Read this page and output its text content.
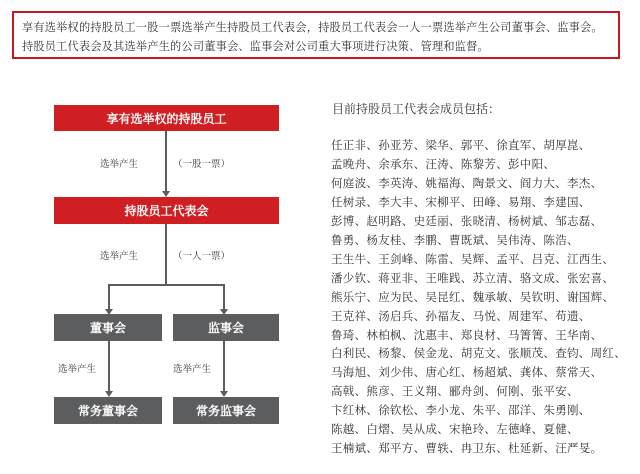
享有选举权的持股员工一股一票选举产生持股员工代表会，持股员工代表会一人一票选举产生公司董事会、监事会。
持股员工代表会及其选举产生的公司董事会、监事会对公司重大事项进行决策、管理和监督。
享有选举权的持股员工
选举产生	（一股一票）
持股员工代表会
选举产生	（一人一票）
董事会	监事会
选举产生	选举产生
常务董事会	常务监事会
目前持股员工代表会成员包括：
任正非、孙亚芳、梁华、郭平、徐直军、胡厚崑、
孟晚舟、余承东、汪涛、陈黎芳、彭中阳、
何庭波、李英涛、姚福海、陶景文、阎力大、李杰、
任树录、李大丰、宋柳平、田峰、易翔、李建国、
彭博、赵明路、史廷丽、张晓清、杨树斌、邹志磊、
鲁勇、杨友桂、李鹏、曹既斌、吴伟涛、陈浩、
王生牛、王剑峰、陈雷、吴辉、孟平、吕克、江西生、
潘少钦、蒋亚非、王唯践、苏立清、骆文成、张宏喜、
熊乐宁、应为民、吴昆红、魏承敏、吴钦明、谢国辉、
王克祥、汤启兵、孙福友、马悦、周建军、苟遗、
鲁琦、林柏枫、沈惠丰、郑良材、马箐箐、王华南、
白利民、杨黎、侯金龙、胡克文、张顺茂、查钧、周红、
马海旭、刘少伟、唐心红、杨超斌、龚体、蔡常天、
高戟、熊彦、王义翔、郦舟剑、何刚、张平安、
卞红林、徐钦松、李小龙、朱平、邵洋、朱勇刚、
陈越、白熠、吴从成、宋艳玲、左德峰、夏健、
王楠斌、郑平方、曹轶、冉卫东、杜延新、汪严旻。
